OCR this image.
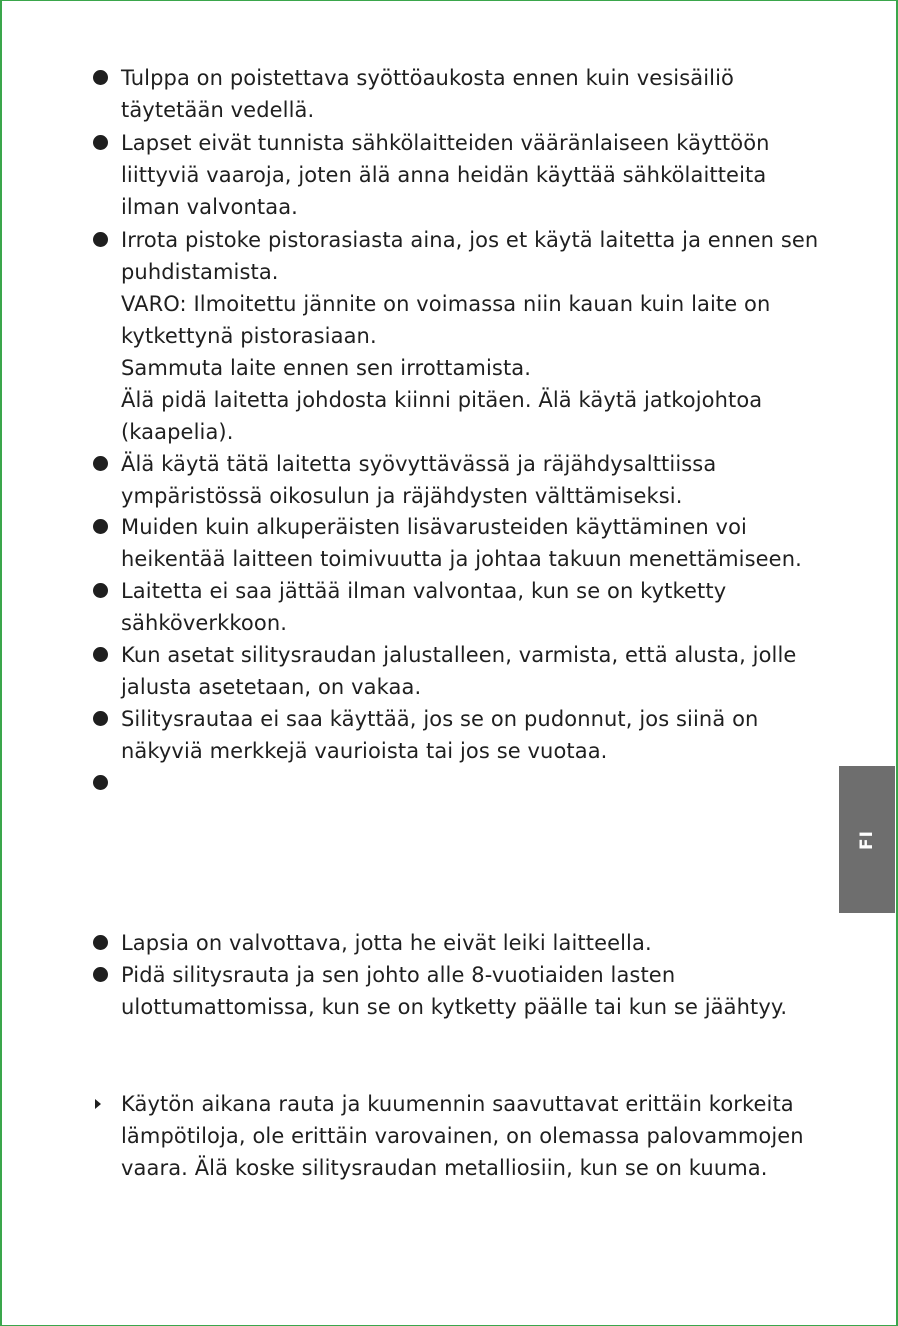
Tulppa on poistettava syöttöaukosta ennen kuin vesisäiliö
täytetään vedellä.
Lapset eivät tunnista sähkölaitteiden vääränlaiseen käyttöön
liittyviä vaaroja, joten älä anna heidän käyttää sähkölaitteita
ilman valvontaa.
Irrota pistoke pistorasiasta aina, jos et käytä laitetta ja ennen sen
puhdistamista.
VARO: Ilmoitettu jännite on voimassa niin kauan kuin laite on
kytkettynä pistorasiaan.
Sammuta laite ennen sen irrottamista.
Älä pidä laitetta johdosta kiinni pitäen. Älä käytä jatkojohtoa
(kaapelia).
Älä käytä tätä laitetta syövyttävässä ja räjähdysalttiissa
ympäristössä oikosulun ja räjähdysten välttämiseksi.
Muiden kuin alkuperäisten lisävarusteiden käyttäminen voi
heikentää laitteen toimivuutta ja johtaa takuun menettämiseen.
Laitetta ei saa jättää ilman valvontaa, kun se on kytketty
sähköverkkoon.
Kun asetat silitysraudan jalustalleen, varmista, että alusta, jolle
jalusta asetetaan, on vakaa.
Silitysrautaa ei saa käyttää, jos se on pudonnut, jos siinä on
näkyviä merkkejä vaurioista tai jos se vuotaa.
Lapsia on valvottava, jotta he eivät leiki laitteella.
Pidä silitysrauta ja sen johto alle 8-vuotiaiden lasten
ulottumattomissa, kun se on kytketty päälle tai kun se jäähtyy.
Käytön aikana rauta ja kuumennin saavuttavat erittäin korkeita
lämpötiloja, ole erittäin varovainen, on olemassa palovammojen
vaara. Älä koske silitysraudan metalliosiin, kun se on kuuma.
FI
